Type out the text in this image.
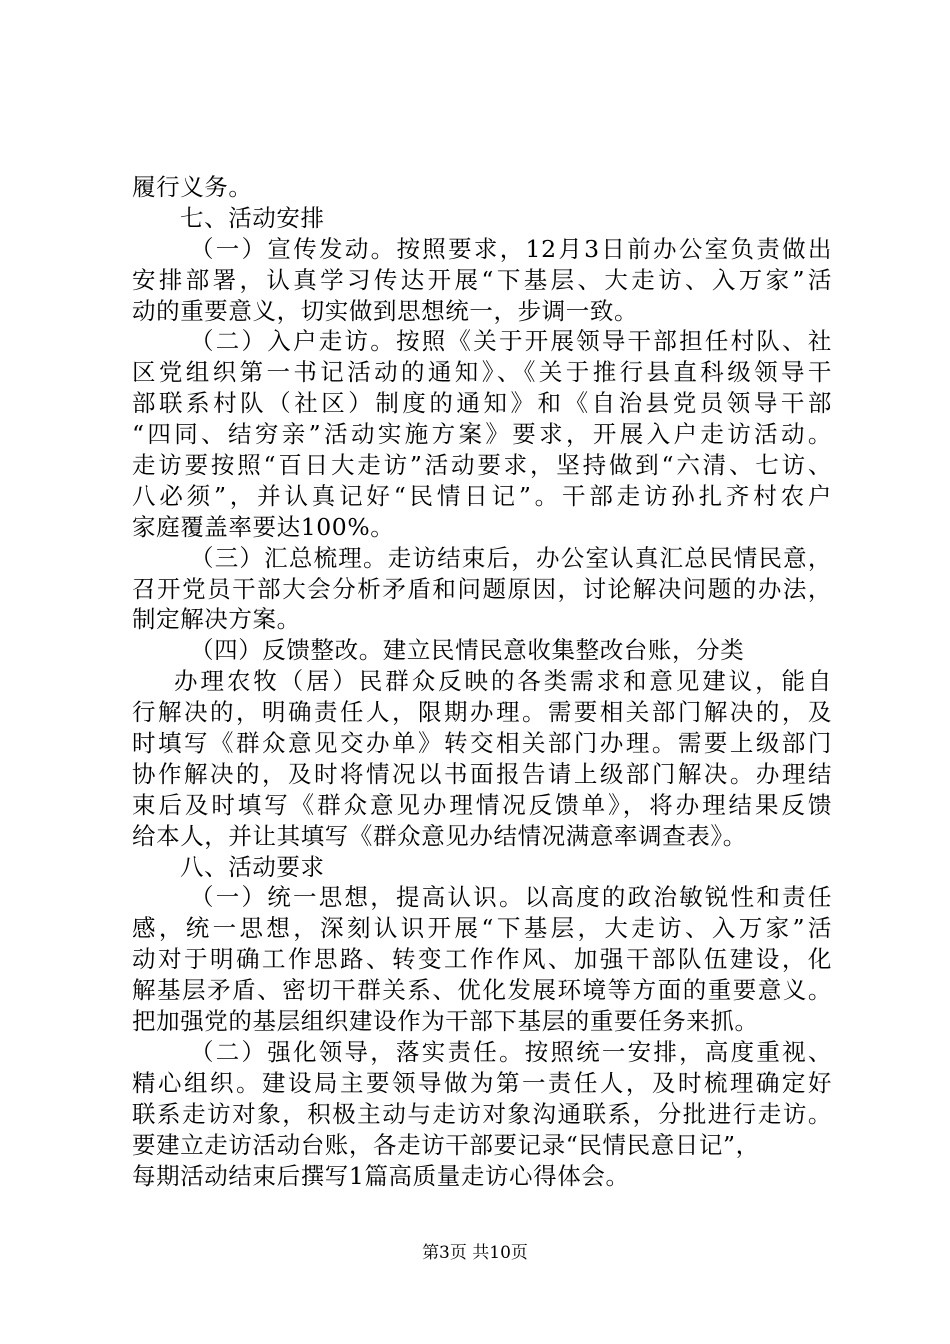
履行义务。
七、活动安排
（一）宣传发动。按照要求，12月3日前办公室负责做出
安排部署，认真学习传达开展“下基层、大走访、入万家”活
动的重要意义，切实做到思想统一，步调一致。
（二）入户走访。按照《关于开展领导干部担任村队、社
区党组织第一书记活动的通知》、《关于推行县直科级领导干
部联系村队（社区）制度的通知》和《自治县党员领导干部
“四同、结穷亲”活动实施方案》要求，开展入户走访活动。
走访要按照“百日大走访”活动要求，坚持做到“六清、七访、
八必须”，并认真记好“民情日记”。干部走访孙扎齐村农户
家庭覆盖率要达100%。
（三）汇总梳理。走访结束后，办公室认真汇总民情民意，
召开党员干部大会分析矛盾和问题原因，讨论解决问题的办法，
制定解决方案。
（四）反馈整改。建立民情民意收集整改台账，分类
办理农牧（居）民群众反映的各类需求和意见建议，能自
行解决的，明确责任人，限期办理。需要相关部门解决的，及
时填写《群众意见交办单》转交相关部门办理。需要上级部门
协作解决的，及时将情况以书面报告请上级部门解决。办理结
束后及时填写《群众意见办理情况反馈单》，将办理结果反馈
给本人，并让其填写《群众意见办结情况满意率调查表》。
八、活动要求
（一）统一思想，提高认识。以高度的政治敏锐性和责任
感，统一思想，深刻认识开展“下基层，大走访、入万家”活
动对于明确工作思路、转变工作作风、加强干部队伍建设，化
解基层矛盾、密切干群关系、优化发展环境等方面的重要意义。
把加强党的基层组织建设作为干部下基层的重要任务来抓。
（二）强化领导，落实责任。按照统一安排，高度重视、
精心组织。建设局主要领导做为第一责任人，及时梳理确定好
联系走访对象，积极主动与走访对象沟通联系，分批进行走访。
要建立走访活动台账，各走访干部要记录“民情民意日记”，
每期活动结束后撰写1篇高质量走访心得体会。
第3页 共10页
